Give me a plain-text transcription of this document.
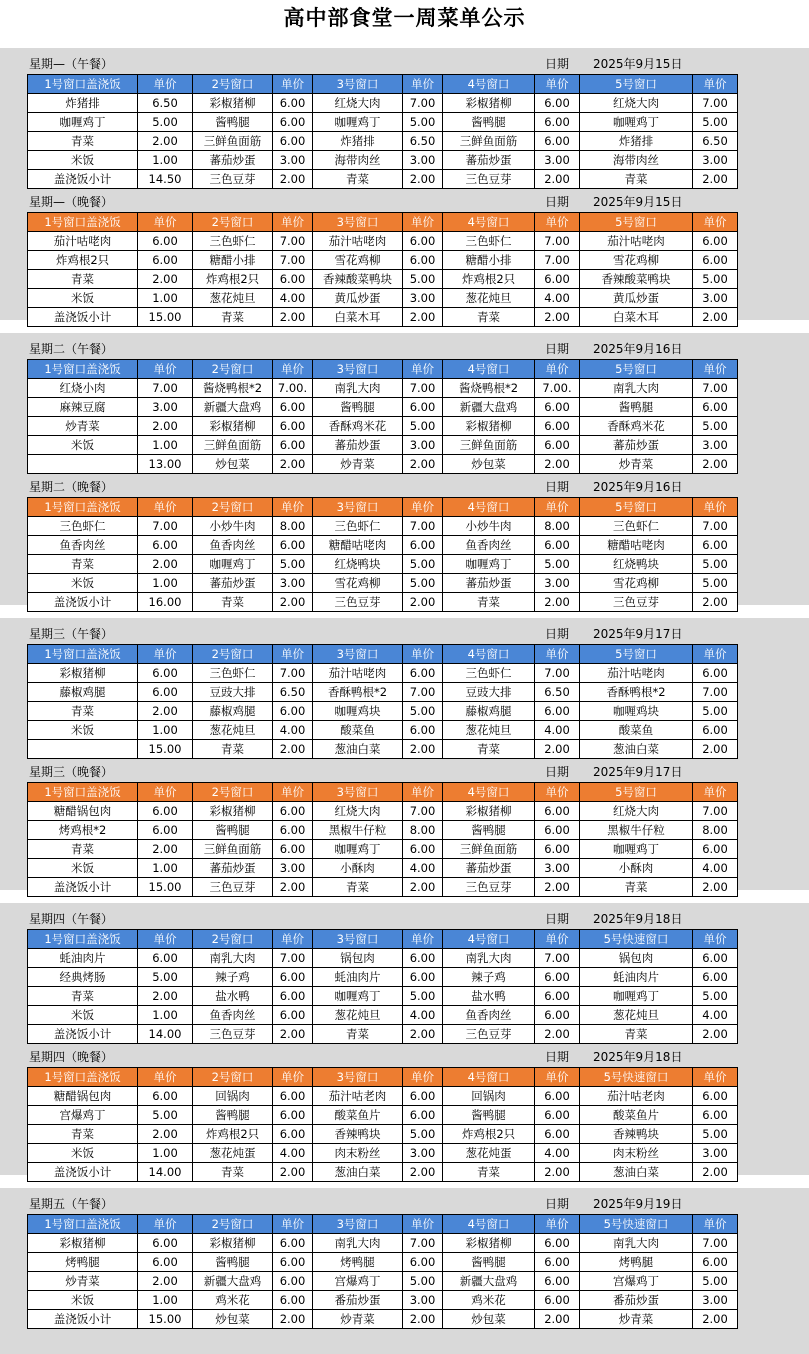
高中部食堂一周菜单公示
星期—（午餐）	日期 2025年9月15日
1号窗口盖浇饭	单价	2号窗口	单价	3号窗口	单价	4号窗口	单价	5号窗口	单价
炸猪排	6.50	彩椒猪柳	6.00	红烧大肉	7.00	彩椒猪柳	6.00	红烧大肉	7.00
咖喱鸡丁	5.00	酱鸭腿	6.00	咖喱鸡丁	5.00	酱鸭腿	6.00	咖喱鸡丁	5.00
青菜	2.00	三鲜鱼面筋	6.00	炸猪排	6.50	三鲜鱼面筋	6.00	炸猪排	6.50
米饭	1.00	蕃茄炒蛋	3.00	海带肉丝	3.00	蕃茄炒蛋	3.00	海带肉丝	3.00
盖浇饭小计	14.50	三色豆芽	2.00	青菜	2.00	三色豆芽	2.00	青菜	2.00
星期—（晚餐）	日期 2025年9月15日
1号窗口盖浇饭	单价	2号窗口	单价	3号窗口	单价	4号窗口	单价	5号窗口	单价
茄汁咕咾肉	6.00	三色虾仁	7.00	茄汁咕咾肉	6.00	三色虾仁	7.00	茄汁咕咾肉	6.00
炸鸡根2只	6.00	糖醋小排	7.00	雪花鸡柳	6.00	糖醋小排	7.00	雪花鸡柳	6.00
青菜	2.00	炸鸡根2只	6.00	香辣酸菜鸭块	5.00	炸鸡根2只	6.00	香辣酸菜鸭块	5.00
米饭	1.00	葱花炖旦	4.00	黄瓜炒蛋	3.00	葱花炖旦	4.00	黄瓜炒蛋	3.00
盖浇饭小计	15.00	青菜	2.00	白菜木耳	2.00	青菜	2.00	白菜木耳	2.00
星期二（午餐）	日期 2025年9月16日
1号窗口盖浇饭	单价	2号窗口	单价	3号窗口	单价	4号窗口	单价	5号窗口	单价
红烧小肉	7.00	酱烧鸭根*2	7.00.	南乳大肉	7.00	酱烧鸭根*2	7.00.	南乳大肉	7.00
麻辣豆腐	3.00	新疆大盘鸡	6.00	酱鸭腿	6.00	新疆大盘鸡	6.00	酱鸭腿	6.00
炒青菜	2.00	彩椒猪柳	6.00	香酥鸡米花	5.00	彩椒猪柳	6.00	香酥鸡米花	5.00
米饭	1.00	三鲜鱼面筋	6.00	蕃茄炒蛋	3.00	三鲜鱼面筋	6.00	蕃茄炒蛋	3.00
	13.00	炒包菜	2.00	炒青菜	2.00	炒包菜	2.00	炒青菜	2.00
星期二（晚餐）	日期 2025年9月16日
1号窗口盖浇饭	单价	2号窗口	单价	3号窗口	单价	4号窗口	单价	5号窗口	单价
三色虾仁	7.00	小炒牛肉	8.00	三色虾仁	7.00	小炒牛肉	8.00	三色虾仁	7.00
鱼香肉丝	6.00	鱼香肉丝	6.00	糖醋咕咾肉	6.00	鱼香肉丝	6.00	糖醋咕咾肉	6.00
青菜	2.00	咖喱鸡丁	5.00	红烧鸭块	5.00	咖喱鸡丁	5.00	红烧鸭块	5.00
米饭	1.00	蕃茄炒蛋	3.00	雪花鸡柳	5.00	蕃茄炒蛋	3.00	雪花鸡柳	5.00
盖浇饭小计	16.00	青菜	2.00	三色豆芽	2.00	青菜	2.00	三色豆芽	2.00
星期三（午餐）	日期 2025年9月17日
1号窗口盖浇饭	单价	2号窗口	单价	3号窗口	单价	4号窗口	单价	5号窗口	单价
彩椒猪柳	6.00	三色虾仁	7.00	茄汁咕咾肉	6.00	三色虾仁	7.00	茄汁咕咾肉	6.00
藤椒鸡腿	6.00	豆豉大排	6.50	香酥鸭根*2	7.00	豆豉大排	6.50	香酥鸭根*2	7.00
青菜	2.00	藤椒鸡腿	6.00	咖喱鸡块	5.00	藤椒鸡腿	6.00	咖喱鸡块	5.00
米饭	1.00	葱花炖旦	4.00	酸菜鱼	6.00	葱花炖旦	4.00	酸菜鱼	6.00
	15.00	青菜	2.00	葱油白菜	2.00	青菜	2.00	葱油白菜	2.00
星期三（晚餐）	日期 2025年9月17日
1号窗口盖浇饭	单价	2号窗口	单价	3号窗口	单价	4号窗口	单价	5号窗口	单价
糖醋锅包肉	6.00	彩椒猪柳	6.00	红烧大肉	7.00	彩椒猪柳	6.00	红烧大肉	7.00
烤鸡根*2	6.00	酱鸭腿	6.00	黑椒牛仔粒	8.00	酱鸭腿	6.00	黑椒牛仔粒	8.00
青菜	2.00	三鲜鱼面筋	6.00	咖喱鸡丁	6.00	三鲜鱼面筋	6.00	咖喱鸡丁	6.00
米饭	1.00	蕃茄炒蛋	3.00	小酥肉	4.00	蕃茄炒蛋	3.00	小酥肉	4.00
盖浇饭小计	15.00	三色豆芽	2.00	青菜	2.00	三色豆芽	2.00	青菜	2.00
星期四（午餐）	日期 2025年9月18日
1号窗口盖浇饭	单价	2号窗口	单价	3号窗口	单价	4号窗口	单价	5号快速窗口	单价
蚝油肉片	6.00	南乳大肉	7.00	锅包肉	6.00	南乳大肉	7.00	锅包肉	6.00
经典烤肠	5.00	辣子鸡	6.00	蚝油肉片	6.00	辣子鸡	6.00	蚝油肉片	6.00
青菜	2.00	盐水鸭	6.00	咖喱鸡丁	5.00	盐水鸭	6.00	咖喱鸡丁	5.00
米饭	1.00	鱼香肉丝	6.00	葱花炖旦	4.00	鱼香肉丝	6.00	葱花炖旦	4.00
盖浇饭小计	14.00	三色豆芽	2.00	青菜	2.00	三色豆芽	2.00	青菜	2.00
星期四（晚餐）	日期 2025年9月18日
1号窗口盖浇饭	单价	2号窗口	单价	3号窗口	单价	4号窗口	单价	5号快速窗口	单价
糖醋锅包肉	6.00	回锅肉	6.00	茄汁咕老肉	6.00	回锅肉	6.00	茄汁咕老肉	6.00
宫爆鸡丁	5.00	酱鸭腿	6.00	酸菜鱼片	6.00	酱鸭腿	6.00	酸菜鱼片	6.00
青菜	2.00	炸鸡根2只	6.00	香辣鸭块	5.00	炸鸡根2只	6.00	香辣鸭块	5.00
米饭	1.00	葱花炖蛋	4.00	肉末粉丝	3.00	葱花炖蛋	4.00	肉末粉丝	3.00
盖浇饭小计	14.00	青菜	2.00	葱油白菜	2.00	青菜	2.00	葱油白菜	2.00
星期五（午餐）	日期 2025年9月19日
1号窗口盖浇饭	单价	2号窗口	单价	3号窗口	单价	4号窗口	单价	5号快速窗口	单价
彩椒猪柳	6.00	彩椒猪柳	6.00	南乳大肉	7.00	彩椒猪柳	6.00	南乳大肉	7.00
烤鸭腿	6.00	酱鸭腿	6.00	烤鸭腿	6.00	酱鸭腿	6.00	烤鸭腿	6.00
炒青菜	2.00	新疆大盘鸡	6.00	宫爆鸡丁	5.00	新疆大盘鸡	6.00	宫爆鸡丁	5.00
米饭	1.00	鸡米花	6.00	番茄炒蛋	3.00	鸡米花	6.00	番茄炒蛋	3.00
盖浇饭小计	15.00	炒包菜	2.00	炒青菜	2.00	炒包菜	2.00	炒青菜	2.00
